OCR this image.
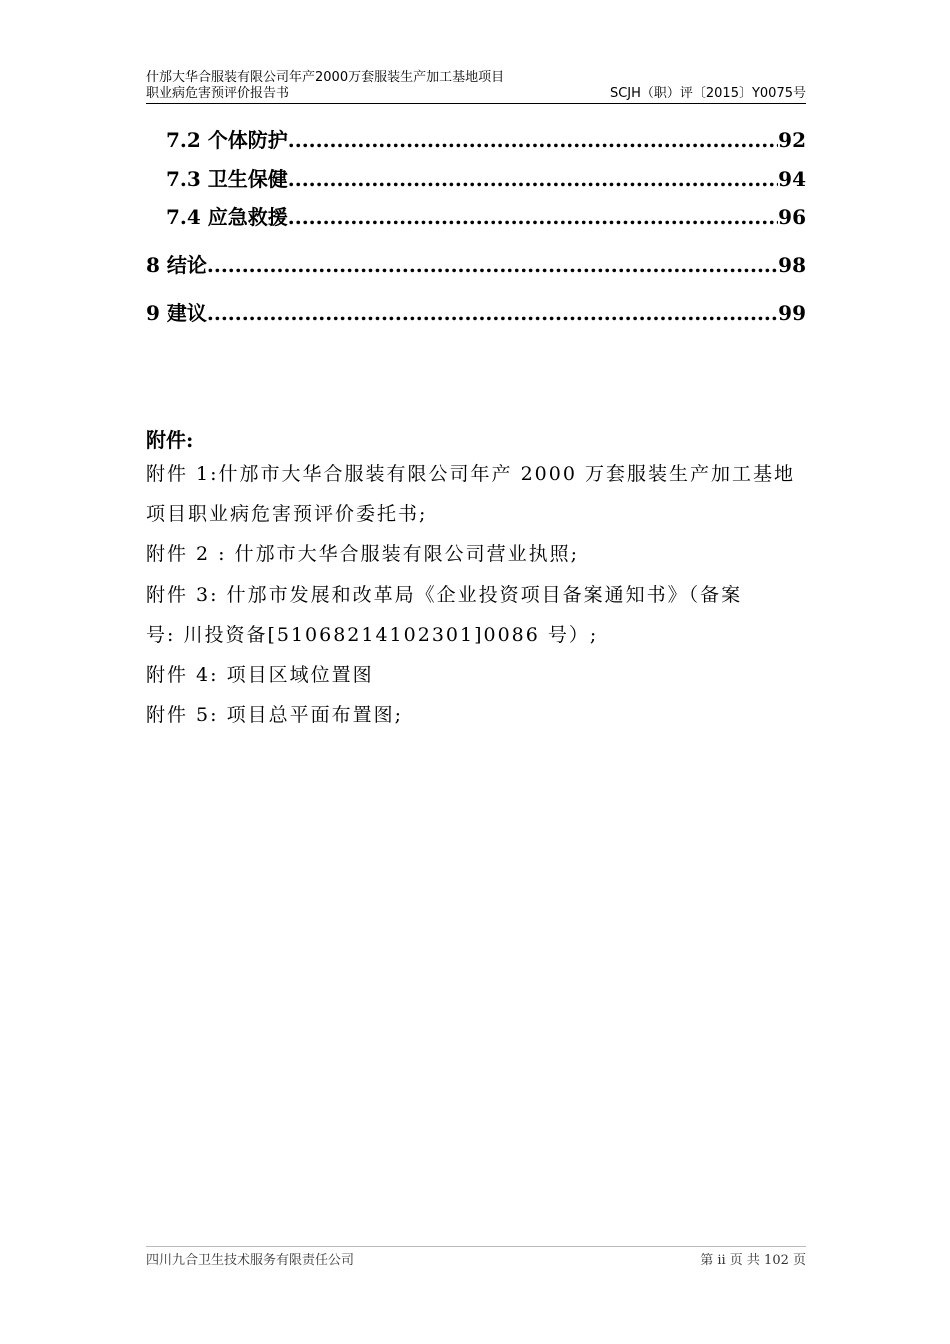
什邡大华合服装有限公司年产2000万套服装生产加工基地项目
职业病危害预评价报告书	SCJH（职）评〔2015〕Y0075号
7.2 个体防护 .....	92
7.3 卫生保健 .....	94
7.4 应急救援 .....	96
8 结论 .....	98
9 建议 .....	99
附件:
附件 1:什邡市大华合服装有限公司年产 2000 万套服装生产加工基地
项目职业病危害预评价委托书;
附件 2 : 什邡市大华合服装有限公司营业执照;
附件 3: 什邡市发展和改革局《企业投资项目备案通知书》（备案
号: 川投资备[51068214102301]0086 号）;
附件 4: 项目区域位置图
附件 5: 项目总平面布置图;
四川九合卫生技术服务有限责任公司	第 ii 页 共 102 页
